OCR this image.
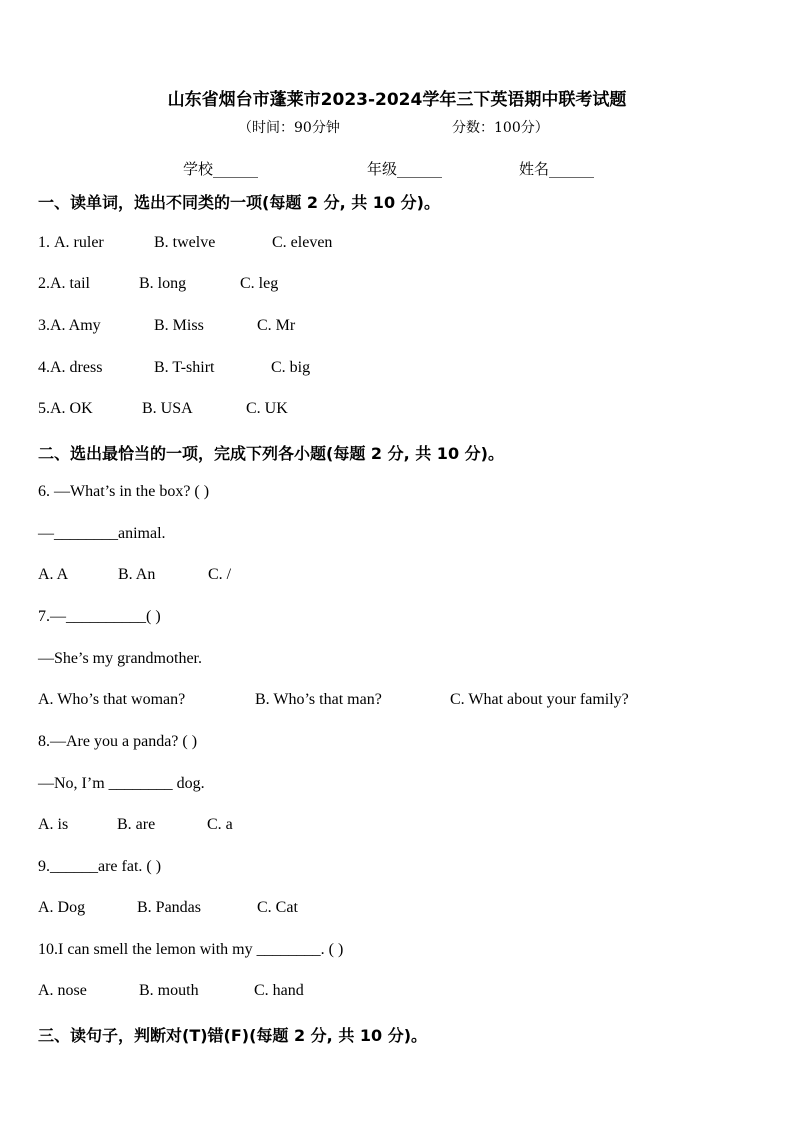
山东省烟台市蓬莱市2023-2024学年三下英语期中联考试题
（时间：90分钟	分数：100分）
学校______	年级______	姓名______
一、读单词，选出不同类的一项(每题 2 分, 共 10 分)。
1. A. ruler	B. twelve	C. eleven
2.A. tail	B. long	C. leg
3.A. Amy	B. Miss	C. Mr
4.A. dress	B. T-shirt	C. big
5.A. OK	B. USA	C. UK
二、选出最恰当的一项，完成下列各小题(每题 2 分, 共 10 分)。
6. —What’s in the box? ( )
—________animal.
A. A	B. An	C. /
7.—__________( )
—She’s my grandmother.
A. Who’s that woman?	B. Who’s that man?	C. What about your family?
8.—Are you a panda? ( )
—No, I’m ________ dog.
A. is	B. are	C. a
9.______are fat. ( )
A. Dog	B. Pandas	C. Cat
10.I can smell the lemon with my ________. ( )
A. nose	B. mouth	C. hand
三、读句子，判断对(T)错(F)(每题 2 分, 共 10 分)。
